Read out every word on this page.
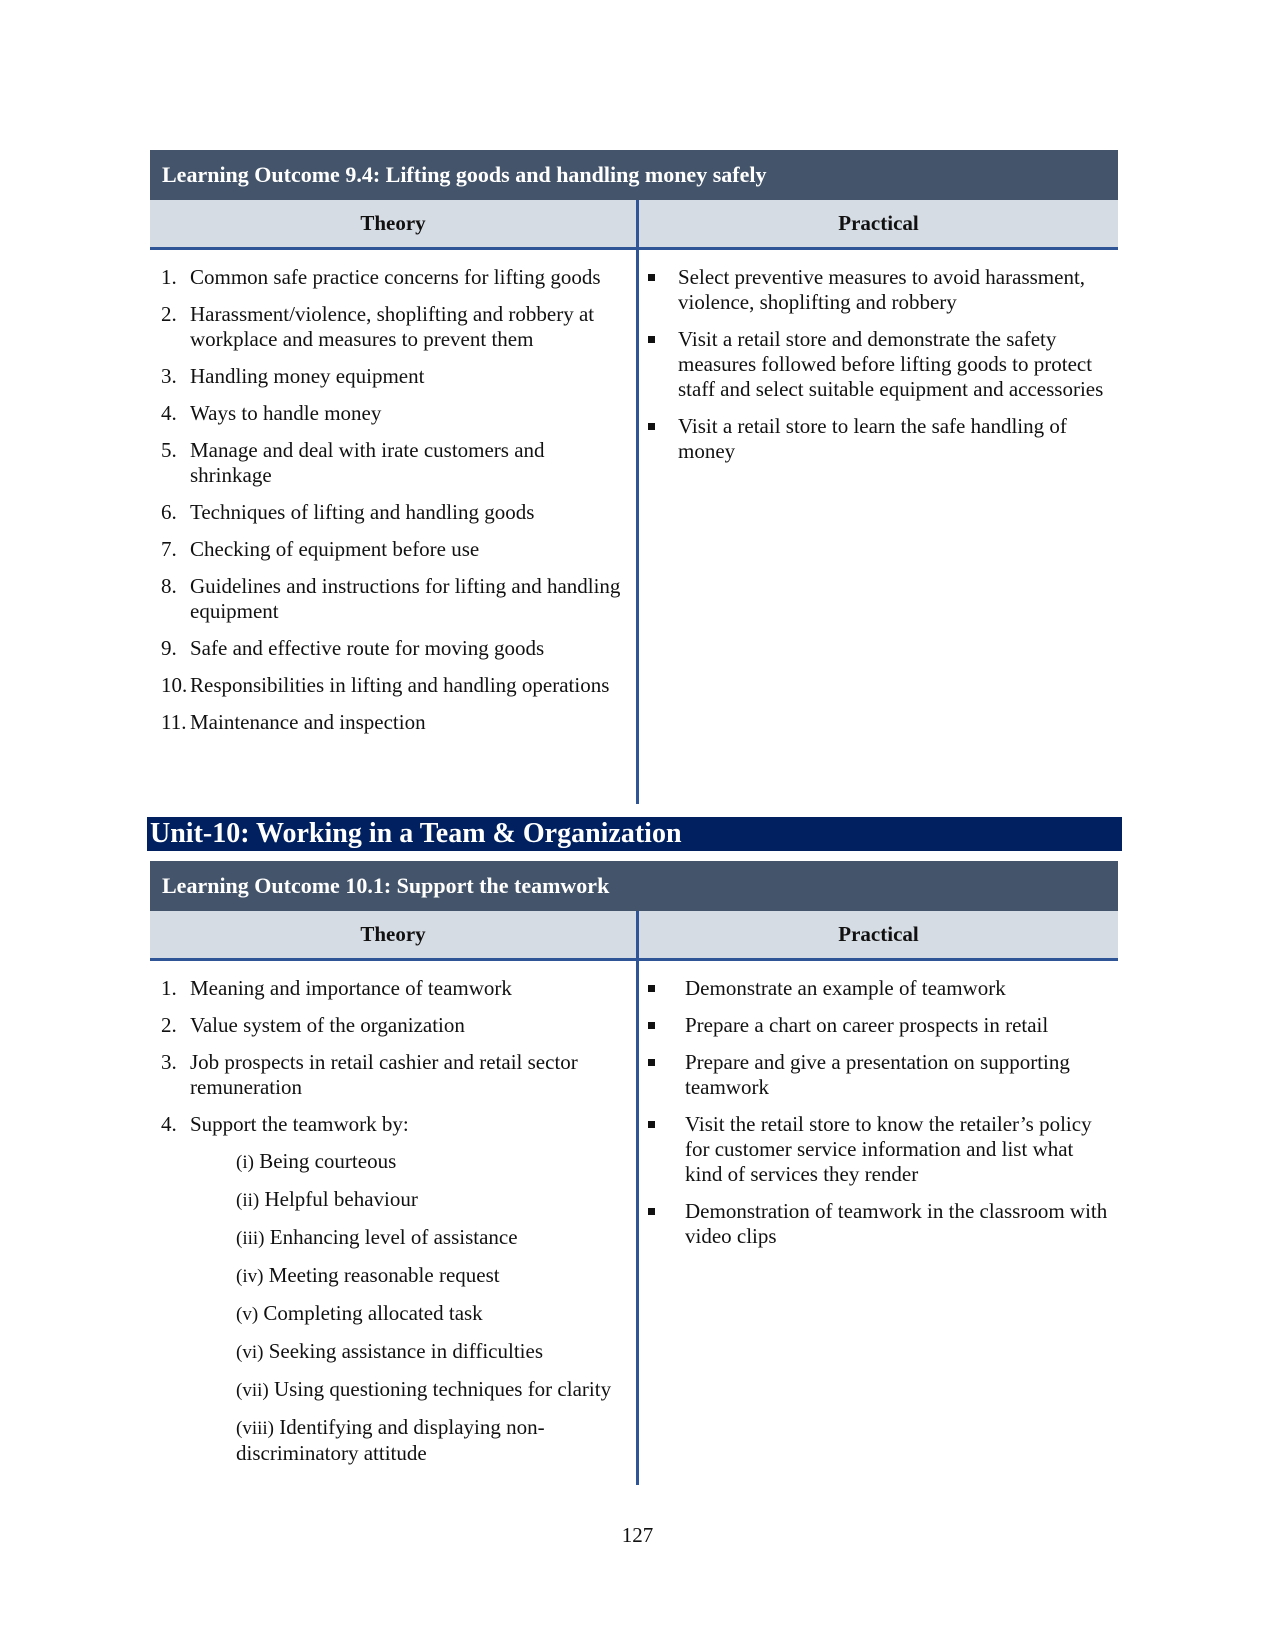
Learning Outcome 9.4: Lifting goods and handling money safely
Theory	Practical
1. Common safe practice concerns for lifting goods
2. Harassment/violence, shoplifting and robbery at workplace and measures to prevent them
3. Handling money equipment
4. Ways to handle money
5. Manage and deal with irate customers and shrinkage
6. Techniques of lifting and handling goods
7. Checking of equipment before use
8. Guidelines and instructions for lifting and handling equipment
9. Safe and effective route for moving goods
10. Responsibilities in lifting and handling operations
11. Maintenance and inspection
Select preventive measures to avoid harassment, violence, shoplifting and robbery
Visit a retail store and demonstrate the safety measures followed before lifting goods to protect staff and select suitable equipment and accessories
Visit a retail store to learn the safe handling of money
Unit-10: Working in a Team & Organization
Learning Outcome 10.1: Support the teamwork
Theory	Practical
1. Meaning and importance of teamwork
2. Value system of the organization
3. Job prospects in retail cashier and retail sector remuneration
4. Support the teamwork by:
(i) Being courteous
(ii) Helpful behaviour
(iii) Enhancing level of assistance
(iv) Meeting reasonable request
(v) Completing allocated task
(vi) Seeking assistance in difficulties
(vii) Using questioning techniques for clarity
(viii) Identifying and displaying non-discriminatory attitude
Demonstrate an example of teamwork
Prepare a chart on career prospects in retail
Prepare and give a presentation on supporting teamwork
Visit the retail store to know the retailer’s policy for customer service information and list what kind of services they render
Demonstration of teamwork in the classroom with video clips
127
